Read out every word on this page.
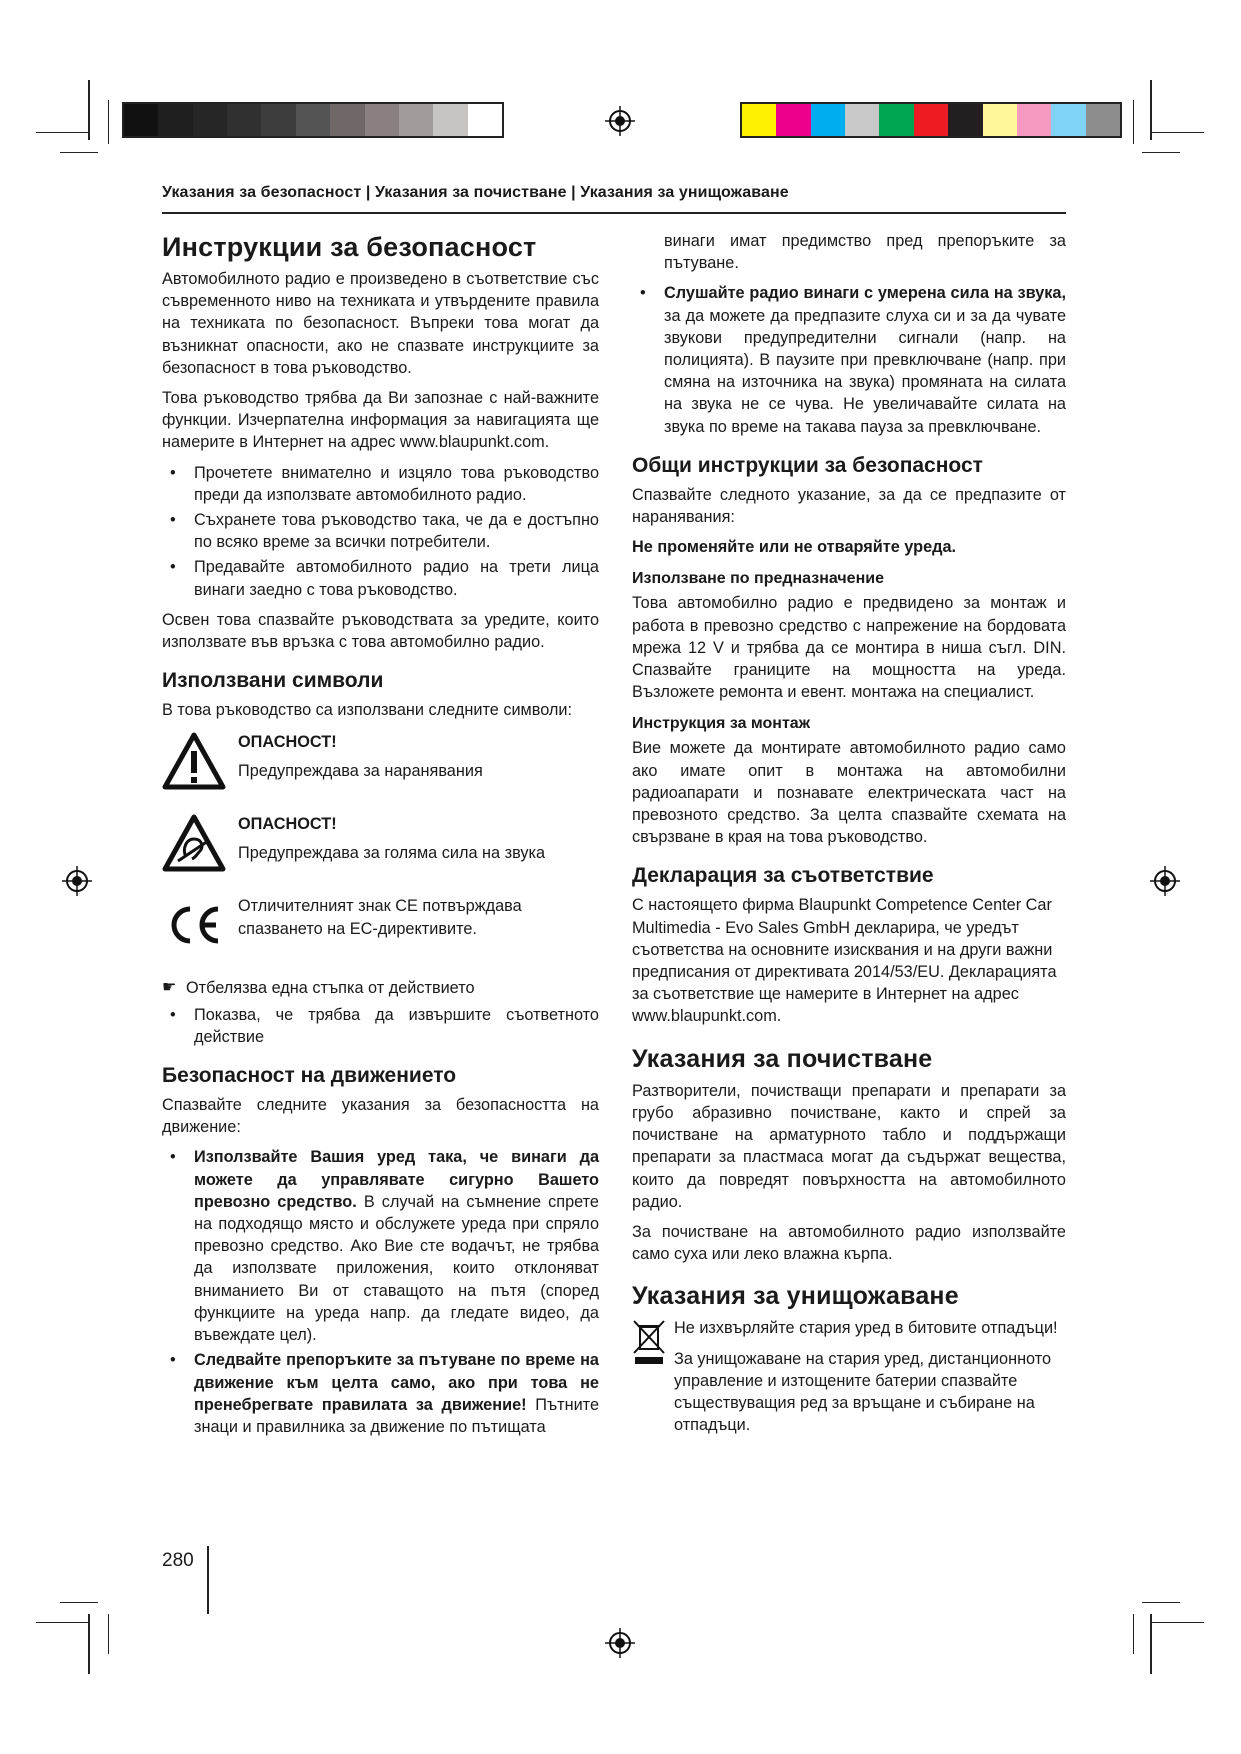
Указания за безопасност | Указания за почистване | Указания за унищожаване
Инструкции за безопасност
Автомобилното радио е произведено в съответствие със съвременното ниво на техниката и утвърдените правила на техниката по безопасност. Въпреки това могат да възникнат опасности, ако не спазвате инструкциите за безопасност в това ръководство.
Това ръководство трябва да Ви запознае с най-важните функции. Изчерпателна информация за навигацията ще намерите в Интернет на адрес www.blaupunkt.com.
• Прочетете внимателно и изцяло това ръководство преди да използвате автомобилното радио.
• Съхранете това ръководство така, че да е достъпно по всяко време за всички потребители.
• Предавайте автомобилното радио на трети лица винаги заедно с това ръководство.
Освен това спазвайте ръководствата за уредите, които използвате във връзка с това автомобилно радио.
Използвани символи
В това ръководство са използвани следните символи:
ОПАСНОСТ!
Предупреждава за наранявания
ОПАСНОСТ!
Предупреждава за голяма сила на звука
Отличителният знак CE потвърждава спазването на ЕС-директивите.
☛ Отбелязва една стъпка от действието
• Показва, че трябва да извършите съответното действие
Безопасност на движението
Спазвайте следните указания за безопасността на движение:
• Използвайте Вашия уред така, че винаги да можете да управлявате сигурно Вашето превозно средство. В случай на съмнение спрете на подходящо място и обслужете уреда при спряло превозно средство. Ако Вие сте водачът, не трябва да използвате приложения, които отклоняват вниманието Ви от ставащото на пътя (според функциите на уреда напр. да гледате видео, да въвеждате цел).
• Следвайте препоръките за пътуване по време на движение към целта само, ако при това не пренебрегвате правилата за движение! Пътните знаци и правилника за движение по пътищата
винаги имат предимство пред препоръките за пътуване.
• Слушайте радио винаги с умерена сила на звука, за да можете да предпазите слуха си и за да чувате звукови предупредителни сигнали (напр. на полицията). В паузите при превключване (напр. при смяна на източника на звука) промяната на силата на звука не се чува. Не увеличавайте силата на звука по време на такава пауза за превключване.
Общи инструкции за безопасност
Спазвайте следното указание, за да се предпазите от наранявания:
Не променяйте или не отваряйте уреда.
Използване по предназначение
Това автомобилно радио е предвидено за монтаж и работа в превозно средство с напрежение на бордовата мрежа 12 V и трябва да се монтира в ниша съгл. DIN. Спазвайте границите на мощността на уреда. Възложете ремонта и евент. монтажа на специалист.
Инструкция за монтаж
Вие можете да монтирате автомобилното радио само ако имате опит в монтажа на автомобилни радиоапарати и познавате електрическата част на превозното средство. За целта спазвайте схемата на свързване в края на това ръководство.
Декларация за съответствие
С настоящето фирма Blaupunkt Competence Center Car Multimedia - Evo Sales GmbH декларира, че уредът съответства на основните изисквания и на други важни предписания от директивата 2014/53/EU. Декларацията за съответствие ще намерите в Интернет на адрес www.blaupunkt.com.
Указания за почистване
Разтворители, почистващи препарати и препарати за грубо абразивно почистване, както и спрей за почистване на арматурното табло и поддържащи препарати за пластмаса могат да съдържат вещества, които да повредят повърхността на автомобилното радио.
За почистване на автомобилното радио използвайте само суха или леко влажна кърпа.
Указания за унищожаване
Не изхвърляйте стария уред в битовите отпадъци!
За унищожаване на стария уред, дистанционното управление и изтощените батерии спазвайте съществуващия ред за връщане и събиране на отпадъци.
280
